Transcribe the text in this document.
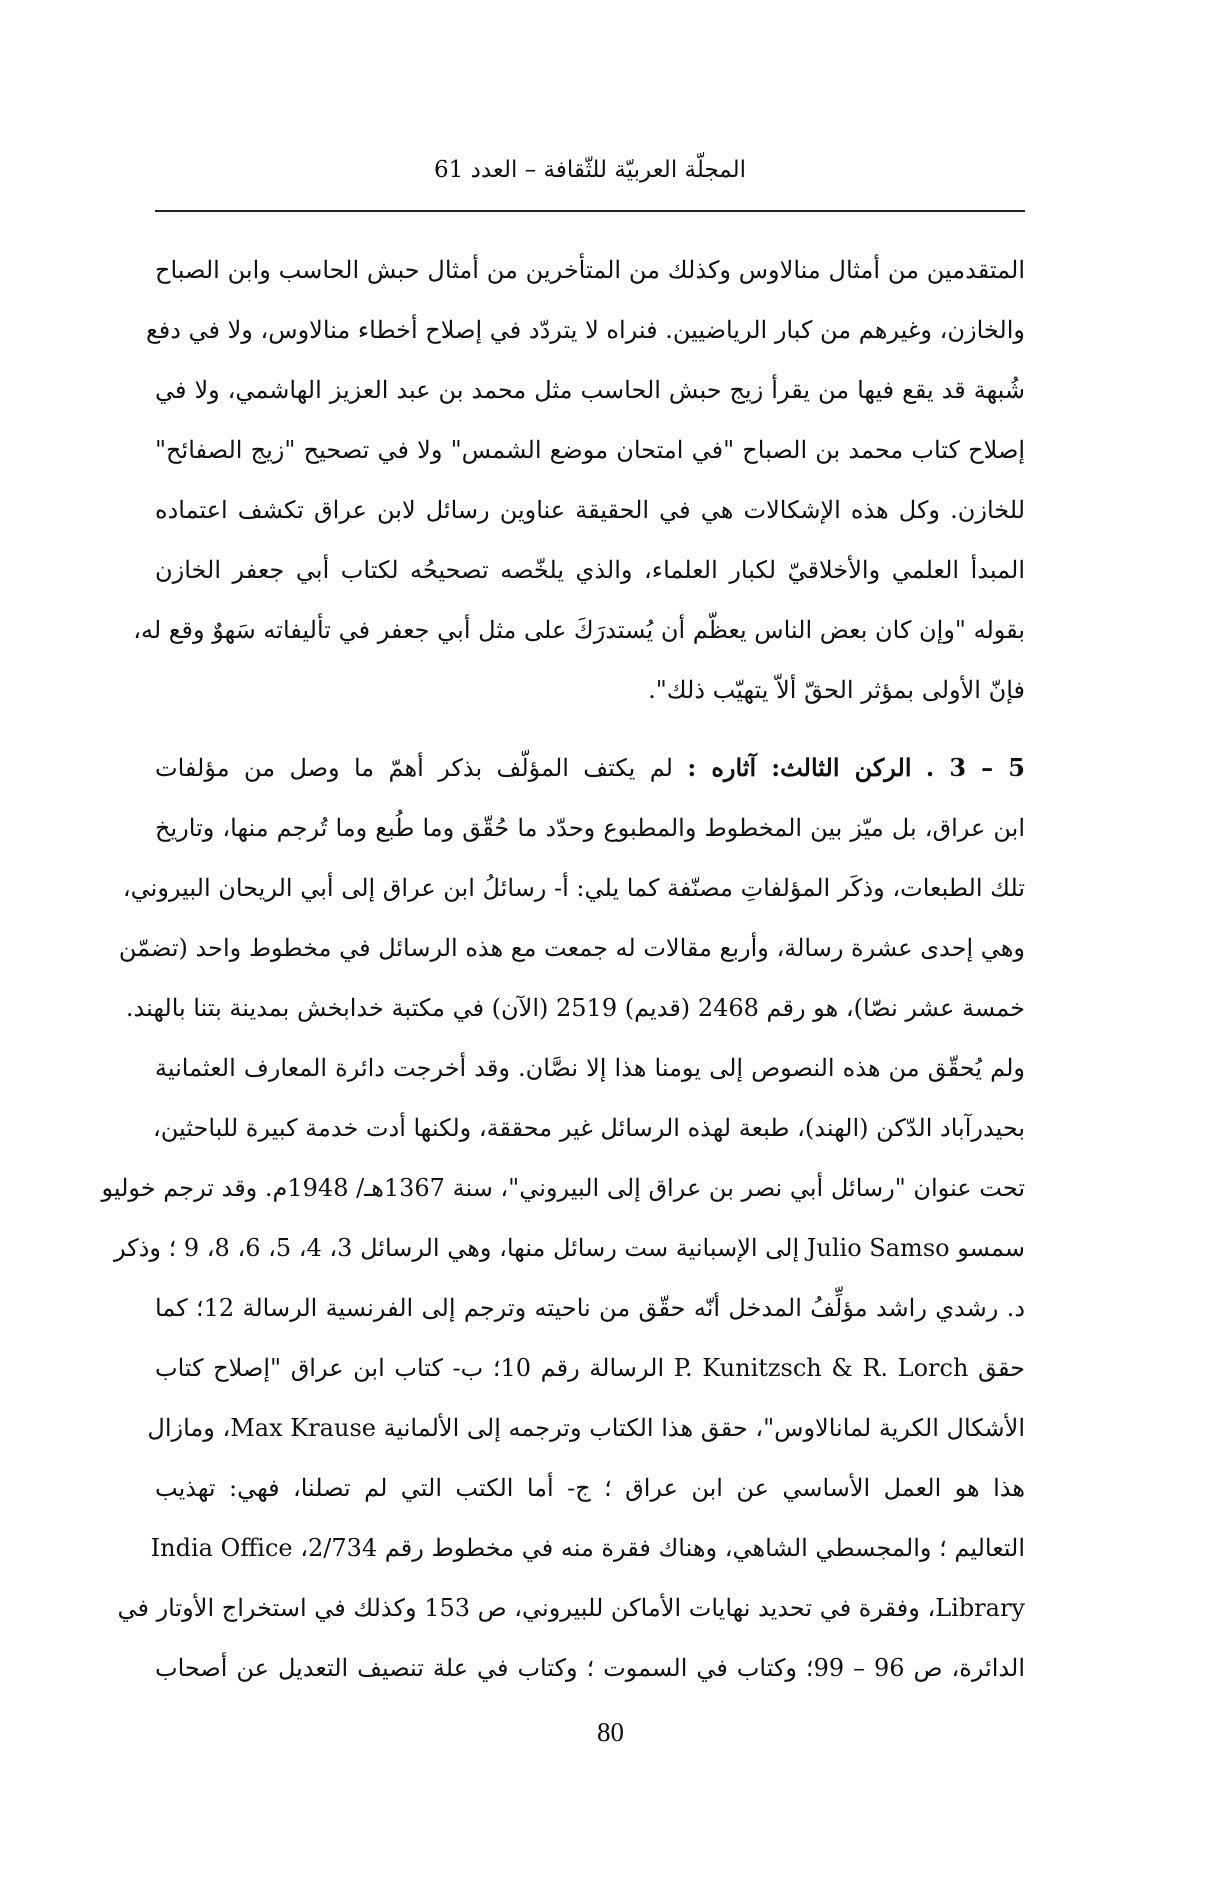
المجلّة العربيّة للثّقافة – العدد 61
المتقدمين من أمثال منالاوس وكذلك من المتأخرين من أمثال حبش الحاسب وابن الصباح
والخازن، وغيرهم من كبار الرياضيين. فنراه لا يتردّد في إصلاح أخطاء منالاوس، ولا في دفع
شُبهة قد يقع فيها من يقرأ زيج حبش الحاسب مثل محمد بن عبد العزيز الهاشمي، ولا في
إصلاح كتاب محمد بن الصباح "في امتحان موضع الشمس" ولا في تصحيح "زيج الصفائح"
للخازن. وكل هذه الإشكالات هي في الحقيقة عناوين رسائل لابن عراق تكشف اعتماده
المبدأ العلمي والأخلاقيّ لكبار العلماء، والذي يلخّصه تصحيحُه لكتاب أبي جعفر الخازن
بقوله "وإن كان بعض الناس يعظّم أن يُستدرَكَ على مثل أبي جعفر في تأليفاته سَهوٌ وقع له،
فإنّ الأولى بمؤثر الحقّ ألاّ يتهيّب ذلك".
5 – 3 . الركن الثالث: آثاره : لم يكتف المؤلّف بذكر أهمّ ما وصل من مؤلفات
ابن عراق، بل ميّز بين المخطوط والمطبوع وحدّد ما حُقّق وما طُبع وما تُرجم منها، وتاريخ
تلك الطبعات، وذكَر المؤلفاتِ مصنّفة كما يلي: أ- رسائلُ ابن عراق إلى أبي الريحان البيروني،
وهي إحدى عشرة رسالة، وأربع مقالات له جمعت مع هذه الرسائل في مخطوط واحد (تضمّن
خمسة عشر نصّا)، هو رقم 2468 (قديم) 2519 (الآن) في مكتبة خدابخش بمدينة بتنا بالهند.
ولم يُحقّق من هذه النصوص إلى يومنا هذا إلا نصَّان. وقد أخرجت دائرة المعارف العثمانية
بحيدرآباد الدّكن (الهند)، طبعة لهذه الرسائل غير محققة، ولكنها أدت خدمة كبيرة للباحثين،
تحت عنوان "رسائل أبي نصر بن عراق إلى البيروني"، سنة 1367هـ/ 1948م. وقد ترجم خوليو
سمسو Julio Samso إلى الإسبانية ست رسائل منها، وهي الرسائل 3، 4، 5، 6، 8، 9 ؛ وذكر
د. رشدي راشد مؤلِّفُ المدخل أنّه حقّق من ناحيته وترجم إلى الفرنسية الرسالة 12؛ كما
حقق P. Kunitzsch & R. Lorch الرسالة رقم 10؛ ب- كتاب ابن عراق "إصلاح كتاب
الأشكال الكرية لمانالاوس"، حقق هذا الكتاب وترجمه إلى الألمانية Max Krause، ومازال
هذا هو العمل الأساسي عن ابن عراق ؛ ج- أما الكتب التي لم تصلنا، فهي: تهذيب
التعاليم ؛ والمجسطي الشاهي، وهناك فقرة منه في مخطوط رقم 2/734، India Office
Library، وفقرة في تحديد نهايات الأماكن للبيروني، ص 153 وكذلك في استخراج الأوتار في
الدائرة، ص 96 – 99؛ وكتاب في السموت ؛ وكتاب في علة تنصيف التعديل عن أصحاب
80
